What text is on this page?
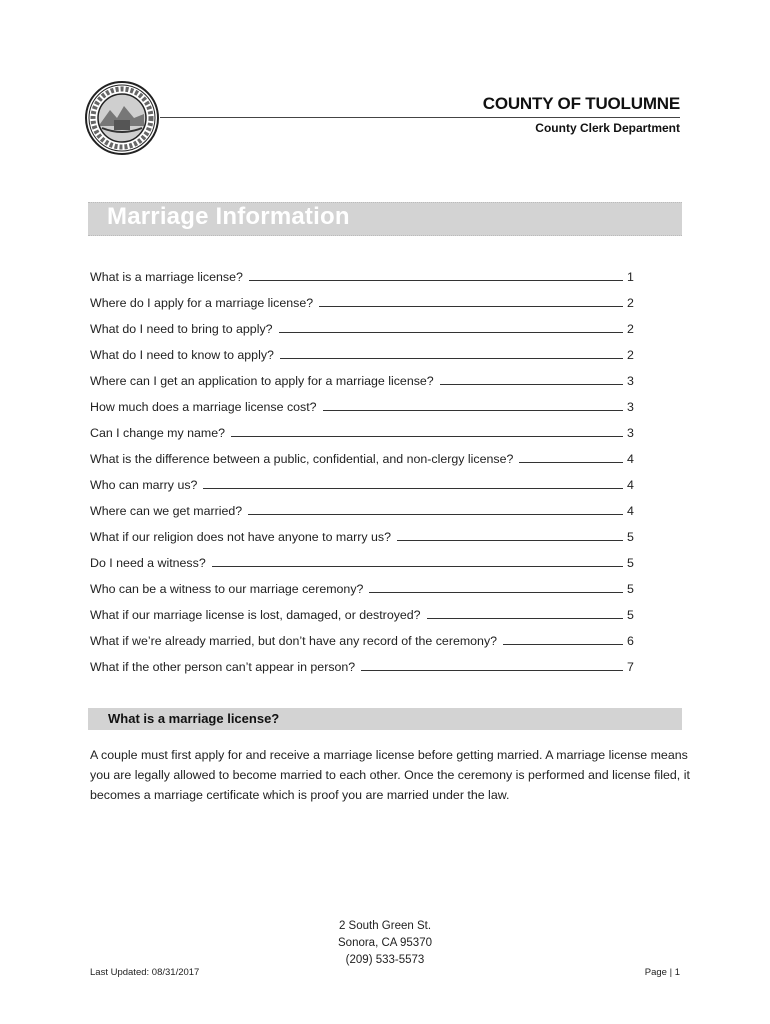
COUNTY OF TUOLUMNE
County Clerk Department
Marriage Information
What is a marriage license?	1
Where do I apply for a marriage license?	2
What do I need to bring to apply?	2
What do I need to know to apply?	2
Where can I get an application to apply for a marriage license?	3
How much does a marriage license cost?	3
Can I change my name?	3
What is the difference between a public, confidential, and non-clergy license?	4
Who can marry us?	4
Where can we get married?	4
What if our religion does not have anyone to marry us?	5
Do I need a witness?	5
Who can be a witness to our marriage ceremony?	5
What if our marriage license is lost, damaged, or destroyed?	5
What if we’re already married, but don’t have any record of the ceremony?	6
What if the other person can’t appear in person?	7
What is a marriage license?

A couple must first apply for and receive a marriage license before getting married. A marriage license means you are legally allowed to become married to each other. Once the ceremony is performed and license filed, it becomes a marriage certificate which is proof you are married under the law.

2 South Green St.
Sonora, CA 95370
(209) 533-5573
Last Updated: 08/31/2017	Page | 1
